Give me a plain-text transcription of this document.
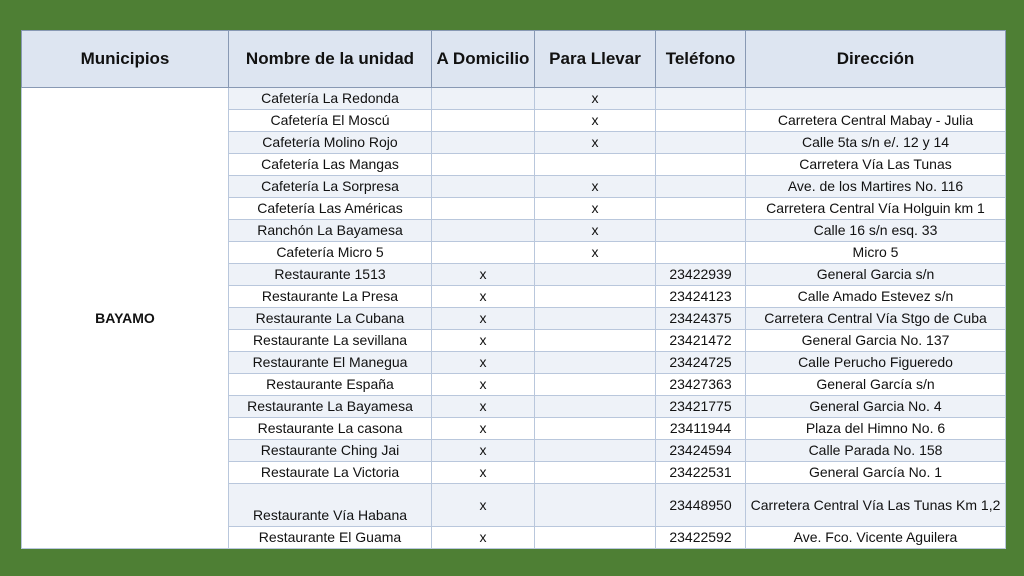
Municipios	Nombre de la unidad	A Domicilio	Para Llevar	Teléfono	Dirección
BAYAMO	Cafetería La Redonda		x		
	Cafetería El Moscú		x		Carretera Central Mabay - Julia
	Cafetería Molino Rojo		x		Calle 5ta s/n e/. 12 y 14
	Cafetería Las Mangas				Carretera Vía Las Tunas
	Cafetería La Sorpresa		x		Ave. de los Martires No. 116
	Cafetería Las Américas		x		Carretera Central Vía Holguin km 1
	Ranchón La Bayamesa		x		Calle 16 s/n esq. 33
	Cafetería Micro 5		x		Micro 5
	Restaurante 1513	x		23422939	General Garcia s/n
	Restaurante La Presa	x		23424123	Calle Amado Estevez s/n
	Restaurante La Cubana	x		23424375	Carretera Central Vía Stgo de Cuba
	Restaurante La sevillana	x		23421472	General Garcia No. 137
	Restaurante El Manegua	x		23424725	Calle Perucho Figueredo
	Restaurante España	x		23427363	General García s/n
	Restaurante La Bayamesa	x		23421775	General Garcia No. 4
	Restaurante La casona	x		23411944	Plaza del Himno No. 6
	Restaurante Ching Jai	x		23424594	Calle Parada No. 158
	Restaurate La Victoria	x		23422531	General García No. 1
	Restaurante Vía Habana	x		23448950	Carretera Central Vía Las Tunas Km 1,2
	Restaurante El Guama	x		23422592	Ave. Fco. Vicente Aguilera
